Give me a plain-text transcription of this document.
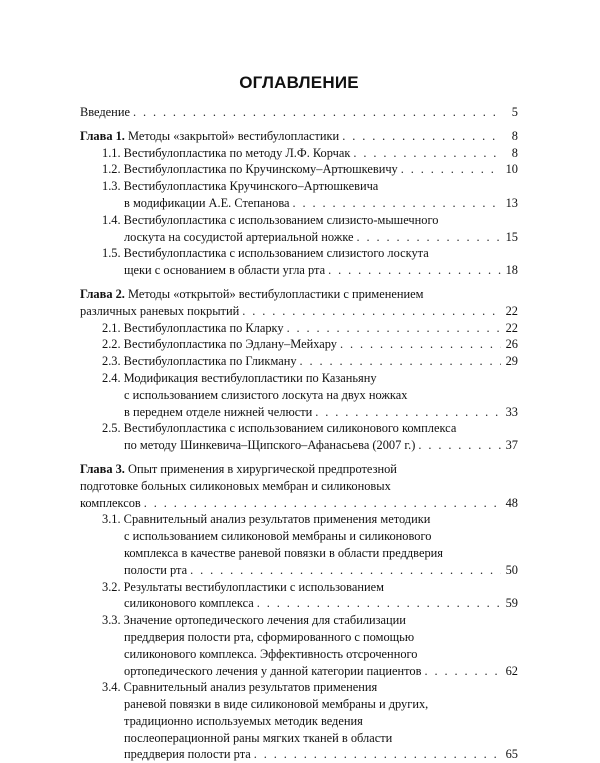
ОГЛАВЛЕНИЕ
Введение . . .	5
Глава 1. Методы «закрытой» вестибулопластики . . .	8
1.1. Вестибулопластика по методу Л.Ф. Корчак . . .	8
1.2. Вестибулопластика по Кручинскому–Артюшкевичу . . .	10
1.3. Вестибулопластика Кручинского–Артюшкевича
в модификации А.Е. Степанова . . .	13
1.4. Вестибулопластика с использованием слизисто-мышечного
лоскута на сосудистой артериальной ножке . . .	15
1.5. Вестибулопластика с использованием слизистого лоскута
щеки с основанием в области угла рта . . .	18
Глава 2. Методы «открытой» вестибулопластики с применением
различных раневых покрытий . . .	22
2.1. Вестибулопластика по Кларку . . .	22
2.2. Вестибулопластика по Эдлану–Мейхару . . .	26
2.3. Вестибулопластика по Гликману . . .	29
2.4. Модификация вестибулопластики по Казаньяну
с использованием слизистого лоскута на двух ножках
в переднем отделе нижней челюсти . . .	33
2.5. Вестибулопластика с использованием силиконового комплекса
по методу Шинкевича–Щипского–Афанасьева (2007 г.) . . .	37
Глава 3. Опыт применения в хирургической предпротезной
подготовке больных силиконовых мембран и силиконовых
комплексов . . .	48
3.1. Сравнительный анализ результатов применения методики
с использованием силиконовой мембраны и силиконового
комплекса в качестве раневой повязки в области преддверия
полости рта . . .	50
3.2. Результаты вестибулопластики с использованием
силиконового комплекса . . .	59
3.3. Значение ортопедического лечения для стабилизации
преддверия полости рта, сформированного с помощью
силиконового комплекса. Эффективность отсроченного
ортопедического лечения у данной категории пациентов . . .	62
3.4. Сравнительный анализ результатов применения
раневой повязки в виде силиконовой мембраны и других,
традиционно используемых методик ведения
послеоперационной раны мягких тканей в области
преддверия полости рта . . .	65
